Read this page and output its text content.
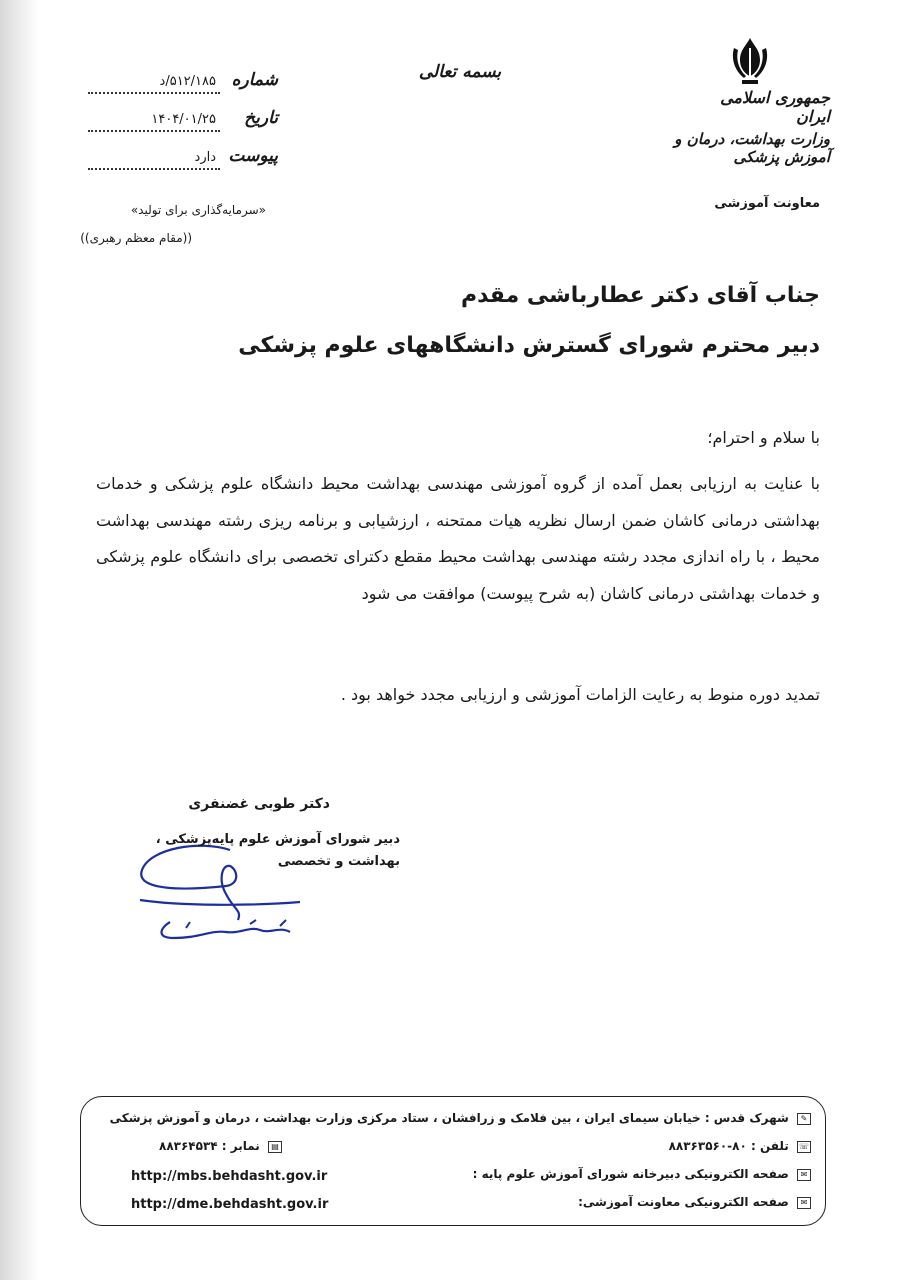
بسمه تعالی
جمهوری اسلامی ایران
وزارت بهداشت، درمان و آموزش پزشکی
معاونت آموزشی
شماره
۵۱۲/۱۸۵/د
تاریخ
۱۴۰۴/۰۱/۲۵
پیوست
دارد
«سرمایه‌گذاری برای تولید»
((مقام معظم رهبری))
جناب آقای دکتر عطارباشی مقدم
دبیر محترم شورای گسترش دانشگاههای علوم پزشکی
با سلام و احترام؛

با عنایت به ارزیابی بعمل آمده از گروه آموزشی مهندسی بهداشت محیط دانشگاه علوم پزشکی و خدمات بهداشتی درمانی کاشان ضمن ارسال نظریه هیات ممتحنه ، ارزشیابی و برنامه ریزی رشته مهندسی بهداشت محیط ، با راه اندازی مجدد رشته مهندسی بهداشت محیط مقطع دکترای تخصصی برای دانشگاه علوم پزشکی و خدمات بهداشتی درمانی کاشان (به شرح پیوست) موافقت می شود

تمدید دوره منوط به رعایت الزامات آموزشی و ارزیابی مجدد خواهد بود .
دکتر طوبی غضنفری
دبیر شورای آموزش علوم پایه‌پزشکی ، بهداشت و تخصصی
✎ شهرک قدس : خیابان سیمای ایران ، بین فلامک و زرافشان ، ستاد مرکزی وزارت بهداشت ، درمان و آموزش پزشکی
☏ تلفن : ۸۰-۸۸۳۶۳۵۶۰
▤ نمابر : ۸۸۳۶۴۵۳۴
✉ صفحه الکترونیکی دبیرخانه شورای آموزش علوم پایه :
http://mbs.behdasht.gov.ir
✉ صفحه الکترونیکی معاونت آموزشی:
http://dme.behdasht.gov.ir
